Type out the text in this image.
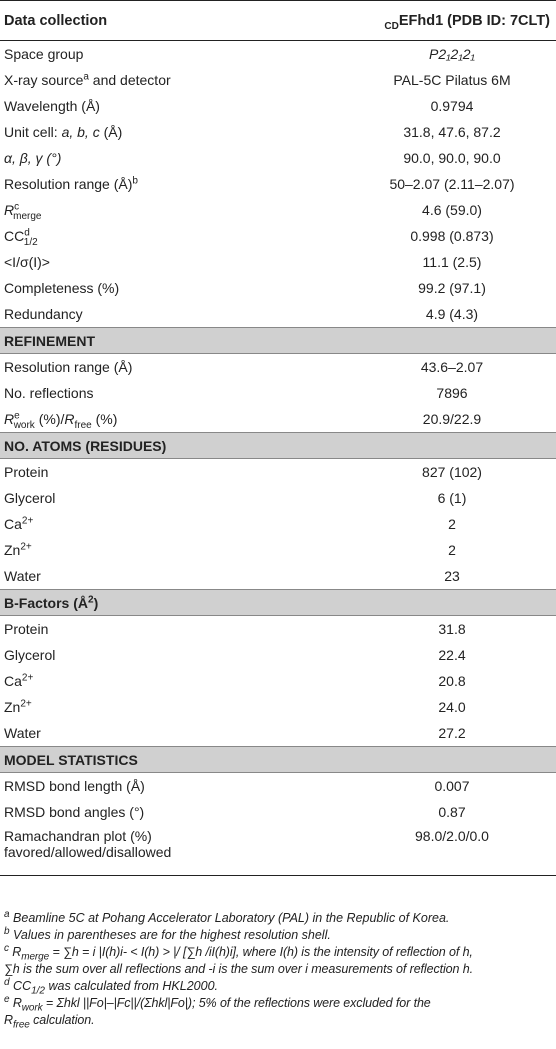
Data collection	$_{CD}$EFhd1 (PDB ID: 7CLT)
Space group	P2₁2₁2₁
X-ray source$^a$ and detector	PAL-5C Pilatus 6M
Wavelength (Å)	0.9794
Unit cell: a, b, c (Å)	31.8, 47.6, 87.2
α, β, γ (°)	90.0, 90.0, 90.0
Resolution range (Å)$^b$	50–2.07 (2.11–2.07)
$R^c_{merge}$	4.6 (59.0)
$CC^d_{1/2}$	0.998 (0.873)
<I/σ(I)>	11.1 (2.5)
Completeness (%)	99.2 (97.1)
Redundancy	4.9 (4.3)
REFINEMENT	
Resolution range (Å)	43.6–2.07
No. reflections	7896
$R^e_{work}$ $(\%)/R_{free}$ (%)	20.9/22.9
NO. ATOMS (RESIDUES)	
Protein	827 (102)
Glycerol	6 (1)
$Ca^{2+}$	2
$Zn^{2+}$	2
Water	23
B-Factors $(Å^2)$	
Protein	31.8
Glycerol	22.4
$Ca^{2+}$	20.8
$Zn^{2+}$	24.0
Water	27.2
MODEL STATISTICS	
RMSD bond length (Å)	0.007
RMSD bond angles (°)	0.87

Ramachandran plot (%)
favored/allowed/disallowed	98.0/2.0/0.0

$^a$ Beamline 5C at Pohang Accelerator Laboratory (PAL) in the Republic of Korea.

$^b$ Values in parentheses are for the highest resolution shell.

$^c$ $R_{merge} = \sum h = i$ |I(h)i- < I(h) > |/ [∑h /iI(h)i], where I(h) is the intensity of reflection of h,
∑h is the sum over all reflections and -i is the sum over i measurements of reflection h.

$^d$ $CC_{1/2}$ was calculated from HKL2000.

$^e$ $R_{work} = \Sigma hkl$ ||Fo|–|Fc||/(Σhkl|Fo|); 5% of the reflections were excluded for the
$R_{free}$ calculation.
